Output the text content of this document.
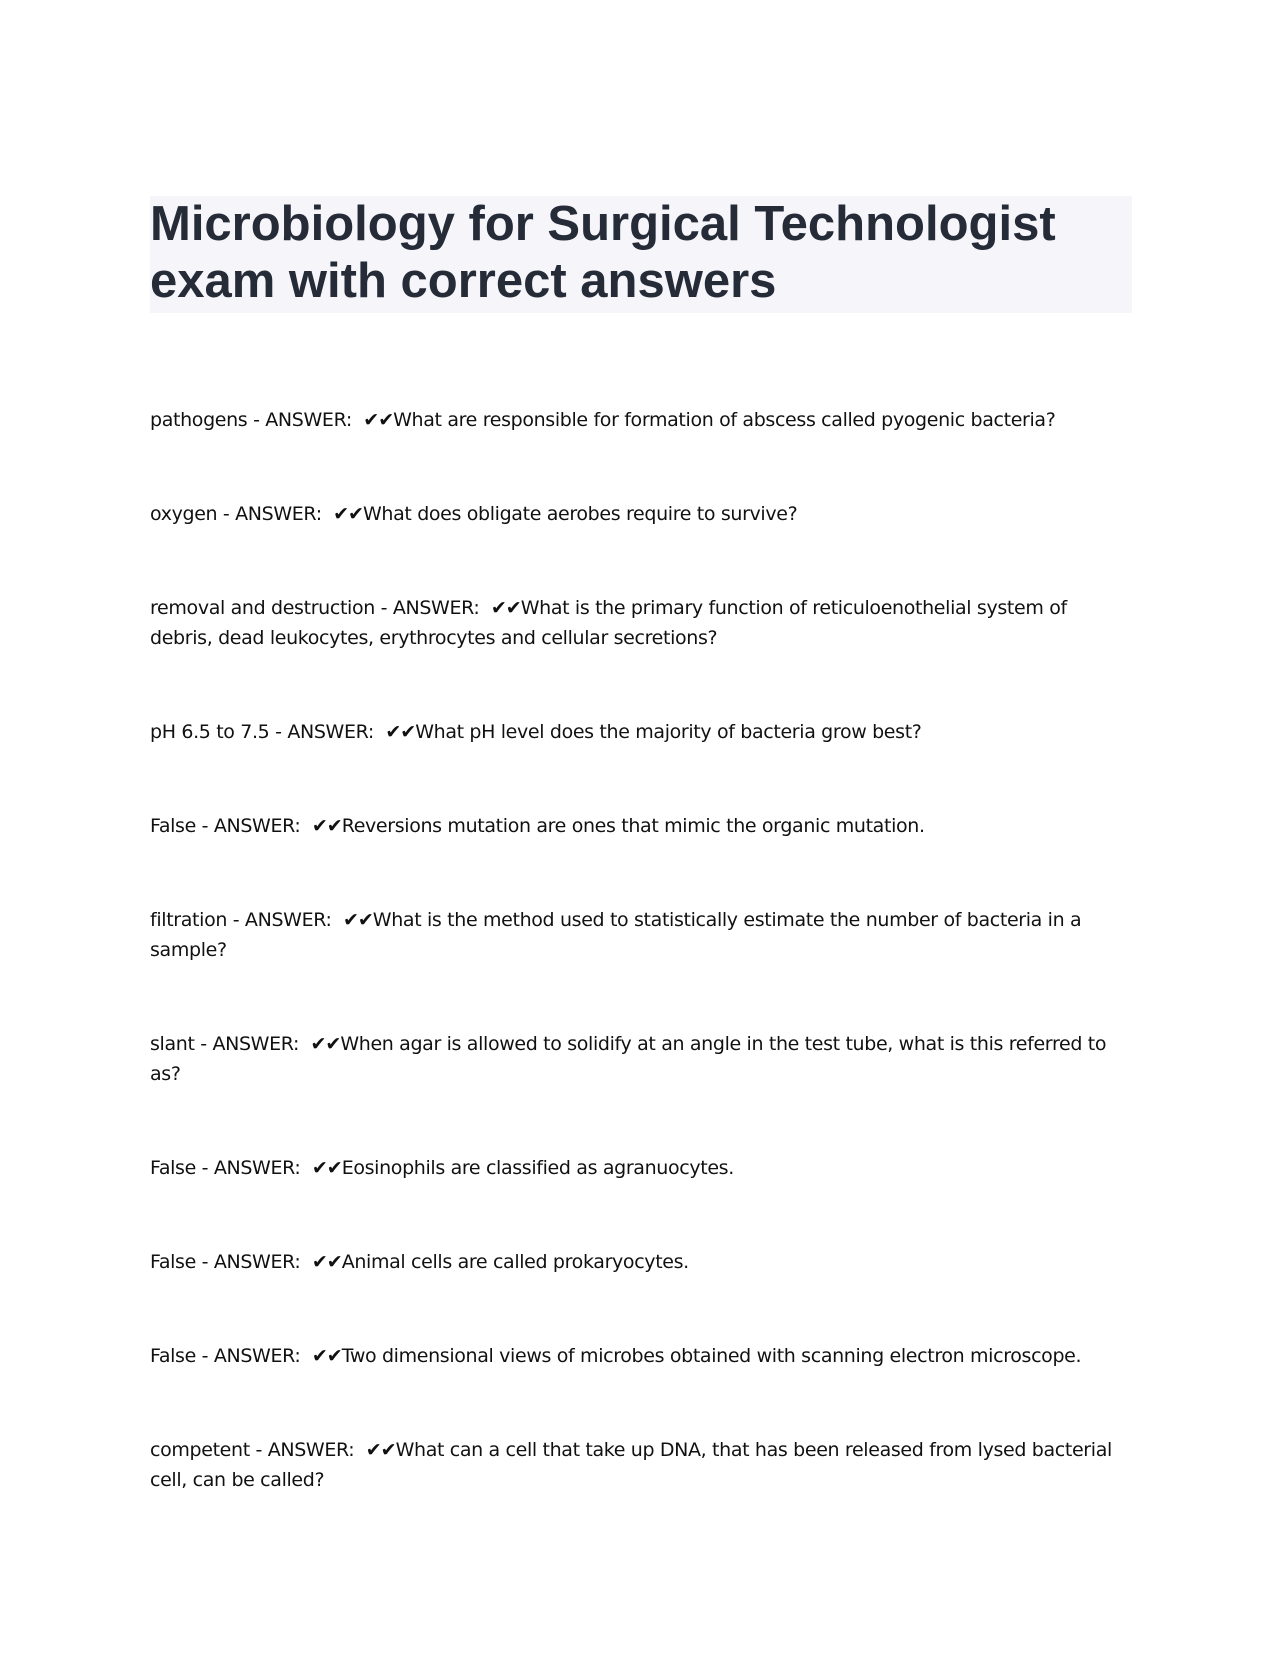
Microbiology for Surgical Technologist exam with correct answers
pathogens - ANSWER:  ✔✔What are responsible for formation of abscess called pyogenic bacteria?
oxygen - ANSWER:  ✔✔What does obligate aerobes require to survive?
removal and destruction - ANSWER:  ✔✔What is the primary function of reticuloenothelial system of debris, dead leukocytes, erythrocytes and cellular secretions?
pH 6.5 to 7.5 - ANSWER:  ✔✔What pH level does the majority of bacteria grow best?
False - ANSWER:  ✔✔Reversions mutation are ones that mimic the organic mutation.
filtration - ANSWER:  ✔✔What is the method used to statistically estimate the number of bacteria in a sample?
slant - ANSWER:  ✔✔When agar is allowed to solidify at an angle in the test tube, what is this referred to as?
False - ANSWER:  ✔✔Eosinophils are classified as agranuocytes.
False - ANSWER:  ✔✔Animal cells are called prokaryocytes.
False - ANSWER:  ✔✔Two dimensional views of microbes obtained with scanning electron microscope.
competent - ANSWER:  ✔✔What can a cell that take up DNA, that has been released from lysed bacterial cell, can be called?
